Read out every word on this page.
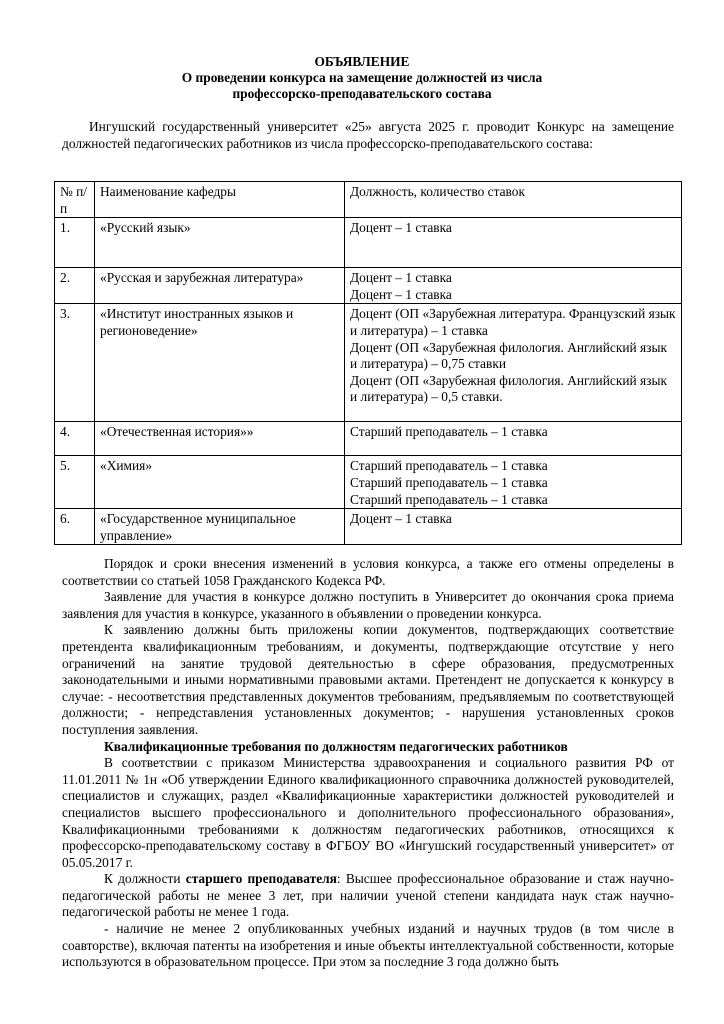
ОБЪЯВЛЕНИЕ
О проведении конкурса на замещение должностей из числа
профессорско-преподавательского состава
Ингушский государственный университет «25» августа 2025 г. проводит Конкурс на замещение должностей педагогических работников из числа профессорско-преподавательского состава:
№ п/п	Наименование кафедры	Должность, количество ставок
1.	«Русский язык»	Доцент – 1 ставка

2.	«Русская и зарубежная литература»	Доцент – 1 ставка
Доцент – 1 ставка

3.	«Институт иностранных языков и регионоведение»	Доцент (ОП «Зарубежная литература. Французский язык и литература) – 1 ставка
Доцент (ОП «Зарубежная филология. Английский язык и литература) – 0,75 ставки
Доцент (ОП «Зарубежная филология. Английский язык и литература) – 0,5 ставки.

4.	«Отечественная история»»	Старший преподаватель – 1 ставка

5.	«Химия»	Старший преподаватель – 1 ставка
Старший преподаватель – 1 ставка
Старший преподаватель – 1 ставка

6.	«Государственное муниципальное управление»	Доцент – 1 ставка

Порядок и сроки внесения изменений в условия конкурса, а также его отмены определены в соответствии со статьей 1058 Гражданского Кодекса РФ.

Заявление для участия в конкурсе должно поступить в Университет до окончания срока приема заявления для участия в конкурсе, указанного в объявлении о проведении конкурса.

К заявлению должны быть приложены копии документов, подтверждающих соответствие претендента квалификационным требованиям, и документы, подтверждающие отсутствие у него ограничений на занятие трудовой деятельностью в сфере образования, предусмотренных законодательными и иными нормативными правовыми актами. Претендент не допускается к конкурсу в случае: - несоответствия представленных документов требованиям, предъявляемым по соответствующей должности; - непредставления установленных документов; - нарушения установленных сроков поступления заявления.

Квалификационные требования по должностям педагогических работников

В соответствии с приказом Министерства здравоохранения и социального развития РФ от 11.01.2011 № 1н «Об утверждении Единого квалификационного справочника должностей руководителей, специалистов и служащих, раздел «Квалификационные характеристики должностей руководителей и специалистов высшего профессионального и дополнительного профессионального образования», Квалификационными требованиями к должностям педагогических работников, относящихся к профессорско-преподавательскому составу в ФГБОУ ВО «Ингушский государственный университет» от 05.05.2017 г.

К должности старшего преподавателя: Высшее профессиональное образование и стаж научно-педагогической работы не менее 3 лет, при наличии ученой степени кандидата наук стаж научно-педагогической работы не менее 1 года.

- наличие не менее 2 опубликованных учебных изданий и научных трудов (в том числе в соавторстве), включая патенты на изобретения и иные объекты интеллектуальной собственности, которые используются в образовательном процессе. При этом за последние 3 года должно быть
